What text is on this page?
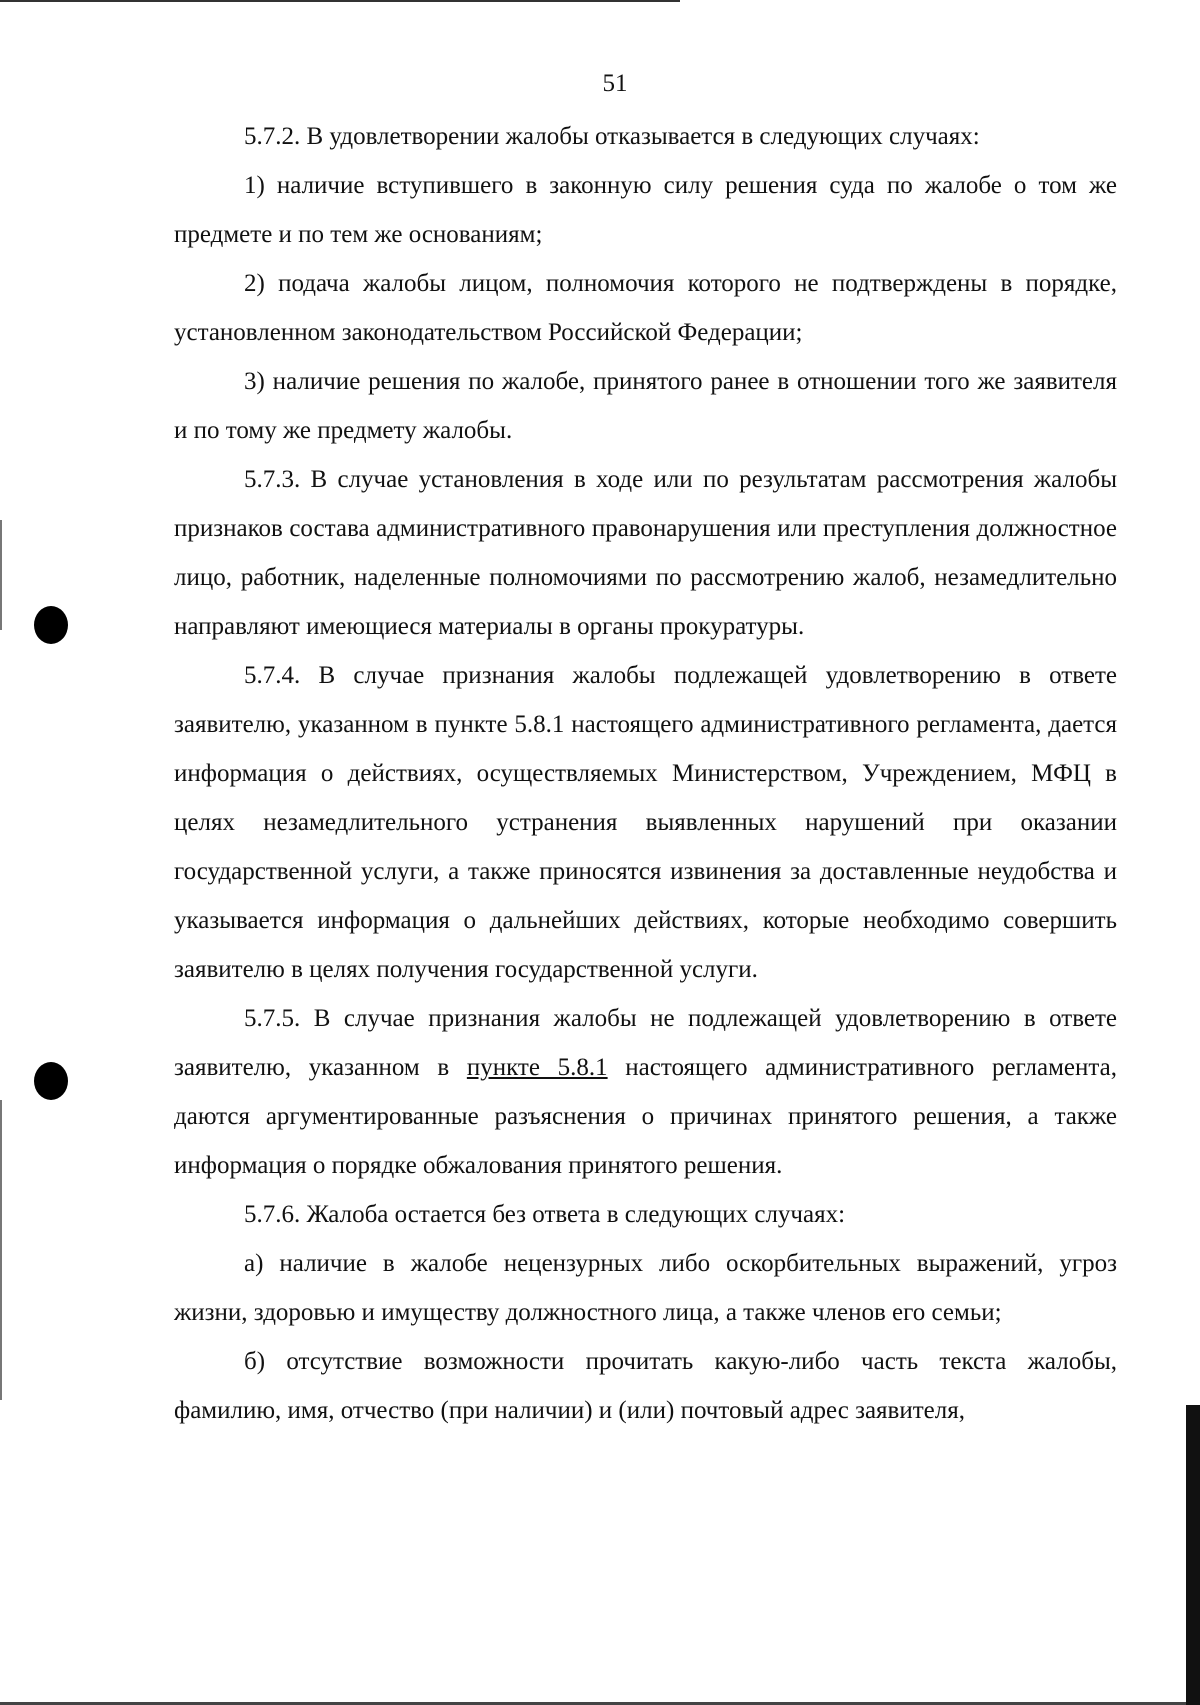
51

5.7.2. В удовлетворении жалобы отказывается в следующих случаях:

1) наличие вступившего в законную силу решения суда по жалобе о том же предмете и по тем же основаниям;

2) подача жалобы лицом, полномочия которого не подтверждены в порядке, установленном законодательством Российской Федерации;

3) наличие решения по жалобе, принятого ранее в отношении того же заявителя и по тому же предмету жалобы.

5.7.3. В случае установления в ходе или по результатам рассмотрения жалобы признаков состава административного правонарушения или преступления должностное лицо, работник, наделенные полномочиями по рассмотрению жалоб, незамедлительно направляют имеющиеся материалы в органы прокуратуры.

5.7.4. В случае признания жалобы подлежащей удовлетворению в ответе заявителю, указанном в пункте 5.8.1 настоящего административного регламента, дается информация о действиях, осуществляемых Министерством, Учреждением, МФЦ в целях незамедлительного устранения выявленных нарушений при оказании государственной услуги, а также приносятся извинения за доставленные неудобства и указывается информация о дальнейших действиях, которые необходимо совершить заявителю в целях получения государственной услуги.

5.7.5. В случае признания жалобы не подлежащей удовлетворению в ответе заявителю, указанном в пункте 5.8.1 настоящего административного регламента, даются аргументированные разъяснения о причинах принятого решения, а также информация о порядке обжалования принятого решения.

5.7.6. Жалоба остается без ответа в следующих случаях:

а) наличие в жалобе нецензурных либо оскорбительных выражений, угроз жизни, здоровью и имуществу должностного лица, а также членов его семьи;

б) отсутствие возможности прочитать какую-либо часть текста жалобы, фамилию, имя, отчество (при наличии) и (или) почтовый адрес заявителя,
